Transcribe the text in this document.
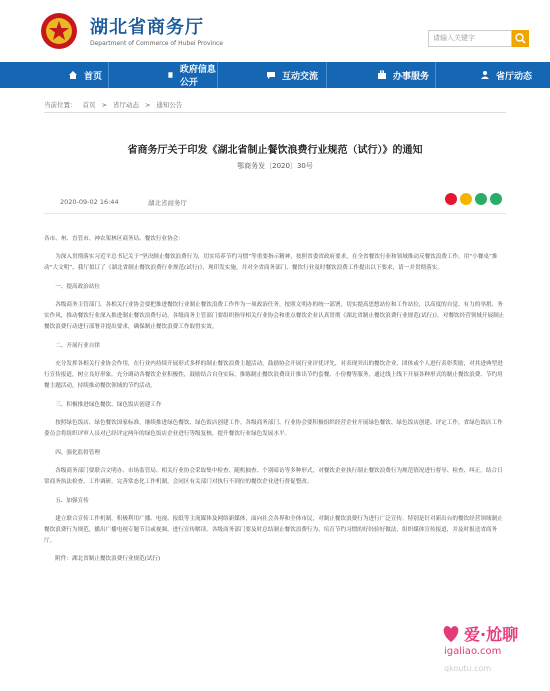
湖北省商务厅
Department of Commerce of Hubei Province
请输入关键字
首页
政府信息公开
互动交流	办事服务	省厅动态
当前位置： 首页 > 省厅动态 > 通知公告
省商务厅关于印发《湖北省制止餐饮浪费行业规范（试行）》的通知
鄂商务发〔2020〕30号
2020-09-02 16:44	湖北省商务厅

各市、州、直管市、神农架林区商务局、餐饮行业协会：

为深入贯彻落实习近平总书记关于“坚决制止餐饮浪费行为，切实培养节约习惯”等重要指示精神，按照省委省政府要求，在全省餐饮行业和领域推动反餐饮浪费工作，用“小餐桌”推动“大文明”，我厅拟订了《湖北省制止餐饮浪费行业规范(试行)》，现印发实施，并对全省商务部门、餐饮行业及时餐饮浪费工作提出以下要求，请一并贯彻落实。

一、提高政治站位

各级商务主管部门、各相关行业协会要把推进餐饮行业制止餐饮浪费工作作为一项政治任务，按照文明办的统一部署，切实提高思想站位和工作站位，以高度的自觉、有力的举措、务实作风，推动餐饮行业深入推进制止餐饮浪费行动。各级商务主管部门要组织指导相关行业协会和重点餐饮企业认真贯彻《湖北省制止餐饮浪费行业规范(试行)》，对餐饮经营领域开展制止餐饮浪费行动进行部署并提出要求，确保制止餐饮浪费工作取得实效。

二、开展行业自律

充分发挥各相关行业协会作用，在行业内持续开展形式多样的制止餐饮浪费主题活动，鼓励协会开展行业评优评先，对表现突出的餐饮企业、团体或个人进行表彰奖励，对其进典型进行宣传报道，树立良好形象。充分调动各餐饮企业积极性，鼓励结合自身实际，推陈制止餐饮浪费设计推出节约套餐、小份餐等服务，通过线上线下开展各种形式的制止餐饮浪费、节约用餐主题活动，持续推动餐饮领域的节约活动。

三、积极推进绿色餐饮、绿色饭店创建工作

按照绿色饭店、绿色餐饮国家标准，继续推进绿色餐饮、绿色饭店创建工作。各级商务部门、行业协会要积极组织经营企业开展绿色餐饮、绿色饭店创建、评定工作，省绿色饭店工作委员会将组织评审人员对已经评定两年的绿色饭店企业进行等级复核，提升餐饮行业绿色发展水平。

四、强化监督管理

各级商务部门要联合文明办、市场监管局、相关行业协会采取集中检查、随机抽查、个别暗访等多种形式，对餐饮企业执行制止餐饮浪费行为规范情况进行督导、检查、纠正。结合日常商务执法检查、工作调研，完善常态化工作机制，会同区有关部门对执行不到位的餐饮企业进行督促整改。

五、加强宣传

建立联合宣传工作机制，积极利用广播、电视、报纸等主流媒体及网络新媒体，面向社会各界和全体市民，对制止餐饮浪费行为进行广泛宣传。特别是针对新出台的餐饮经营领域制止餐饮浪费行为规范，播出广播电视专题节目或视频，进行宣传解读。各级商务部门要及时总结制止餐饮浪费行为、培育节约习惯的好经验好做法，组织媒体宣传报道，并及时报送省商务厅。

附件：湖北省制止餐饮浪费行业规范(试行)

爱·尬聊
igaliao.com
qkoutu.com
